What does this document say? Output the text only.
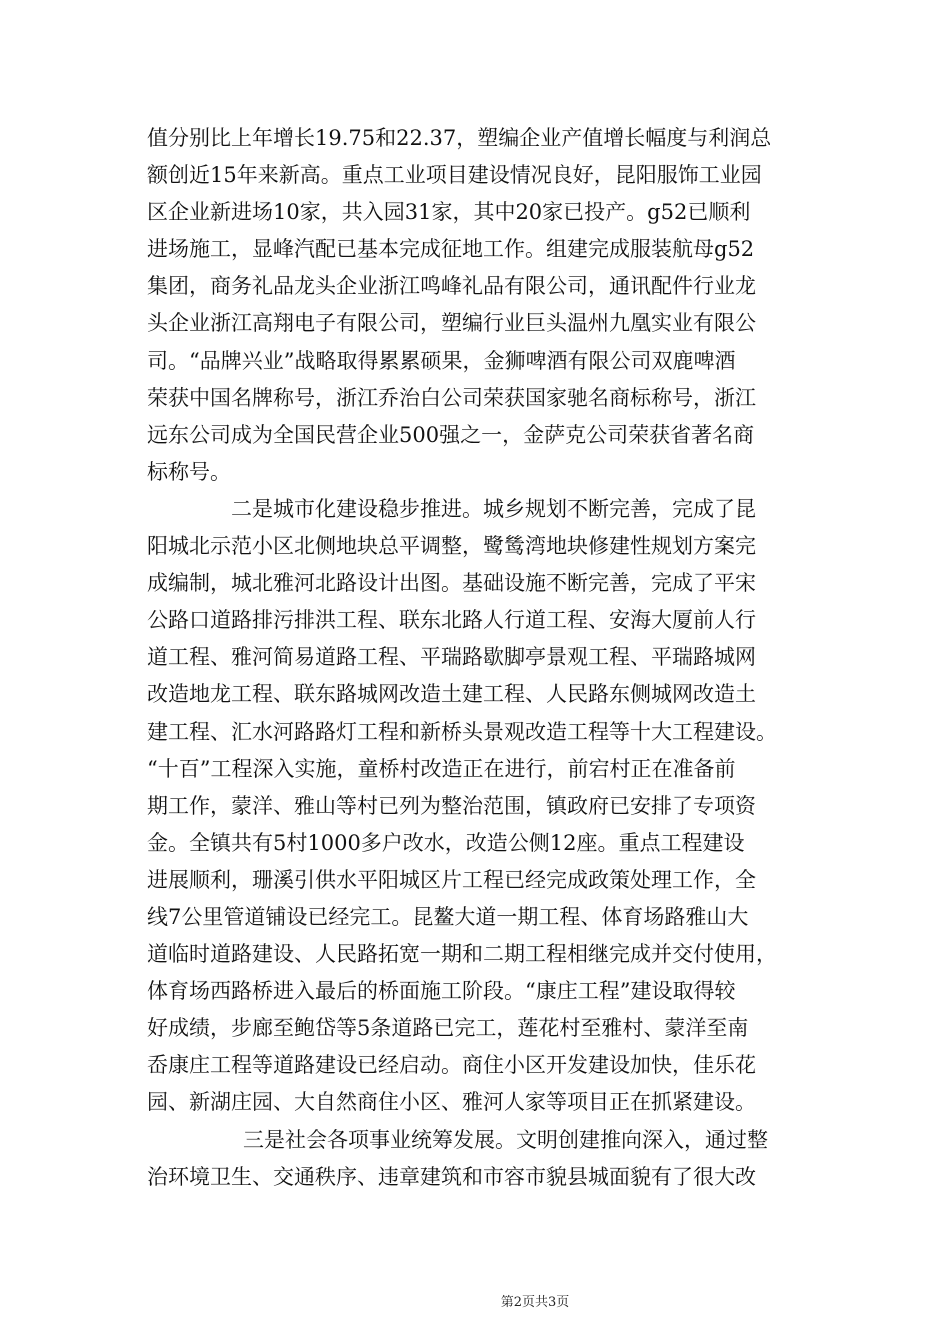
值分别比上年增长19.75和22.37，塑编企业产值增长幅度与利润总
额创近15年来新高。重点工业项目建设情况良好，昆阳服饰工业园
区企业新进场10家，共入园31家，其中20家已投产。g52已顺利
进场施工，显峰汽配已基本完成征地工作。组建完成服装航母g52
集团，商务礼品龙头企业浙江鸣峰礼品有限公司，通讯配件行业龙
头企业浙江高翔电子有限公司，塑编行业巨头温州九凰实业有限公
司。“品牌兴业”战略取得累累硕果，金狮啤酒有限公司双鹿啤酒
荣获中国名牌称号，浙江乔治白公司荣获国家驰名商标称号，浙江
远东公司成为全国民营企业500强之一，金萨克公司荣获省著名商
标称号。
二是城市化建设稳步推进。城乡规划不断完善，完成了昆
阳城北示范小区北侧地块总平调整，鹭鸶湾地块修建性规划方案完
成编制，城北雅河北路设计出图。基础设施不断完善，完成了平宋
公路口道路排污排洪工程、联东北路人行道工程、安海大厦前人行
道工程、雅河简易道路工程、平瑞路歇脚亭景观工程、平瑞路城网
改造地龙工程、联东路城网改造土建工程、人民路东侧城网改造土
建工程、汇水河路路灯工程和新桥头景观改造工程等十大工程建设。
“十百”工程深入实施，童桥村改造正在进行，前宕村正在准备前
期工作，蒙洋、雅山等村已列为整治范围，镇政府已安排了专项资
金。全镇共有5村1000多户改水，改造公侧12座。重点工程建设
进展顺利，珊溪引供水平阳城区片工程已经完成政策处理工作，全
线7公里管道铺设已经完工。昆鳌大道一期工程、体育场路雅山大
道临时道路建设、人民路拓宽一期和二期工程相继完成并交付使用，
体育场西路桥进入最后的桥面施工阶段。“康庄工程”建设取得较
好成绩，步廊至鲍岱等5条道路已完工，莲花村至雅村、蒙洋至南
岙康庄工程等道路建设已经启动。商住小区开发建设加快，佳乐花
园、新湖庄园、大自然商住小区、雅河人家等项目正在抓紧建设。
三是社会各项事业统筹发展。文明创建推向深入，通过整
治环境卫生、交通秩序、违章建筑和市容市貌县城面貌有了很大改
第2页共3页
